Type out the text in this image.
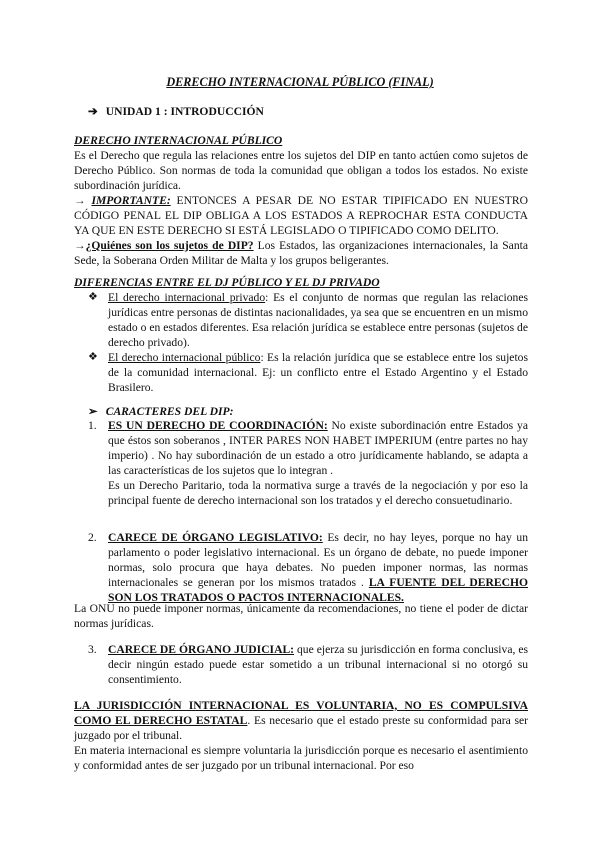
DERECHO INTERNACIONAL PÚBLICO (FINAL)
➔ UNIDAD 1 : INTRODUCCIÓN

DERECHO INTERNACIONAL PÚBLICO

Es el Derecho que regula las relaciones entre los sujetos del DIP en tanto actúen como sujetos de Derecho Público. Son normas de toda la comunidad que obligan a todos los estados. No existe subordinación jurídica.

→ IMPORTANTE: ENTONCES A PESAR DE NO ESTAR TIPIFICADO EN NUESTRO CÓDIGO PENAL EL DIP OBLIGA A LOS ESTADOS A REPROCHAR ESTA CONDUCTA YA QUE EN ESTE DERECHO SI ESTÁ LEGISLADO O TIPIFICADO COMO DELITO.

→¿Quiénes son los sujetos de DIP? Los Estados, las organizaciones internacionales, la Santa Sede, la Soberana Orden Militar de Malta y los grupos beligerantes.

DIFERENCIAS ENTRE EL DJ PÚBLICO Y EL DJ PRIVADO

❖ El derecho internacional privado: Es el conjunto de normas que regulan las relaciones jurídicas entre personas de distintas nacionalidades, ya sea que se encuentren en un mismo estado o en estados diferentes. Esa relación jurídica se establece entre personas (sujetos de derecho privado).
❖ El derecho internacional público: Es la relación jurídica que se establece entre los sujetos de la comunidad internacional. Ej: un conflicto entre el Estado Argentino y el Estado Brasilero.
➢ CARACTERES DEL DIP:
1. ES UN DERECHO DE COORDINACIÓN: No existe subordinación entre Estados ya que éstos son soberanos , INTER PARES NON HABET IMPERIUM (entre partes no hay imperio) . No hay subordinación de un estado a otro jurídicamente hablando, se adapta a las características de los sujetos que lo integran .

Es un Derecho Paritario, toda la normativa surge a través de la negociación y por eso la principal fuente de derecho internacional son los tratados y el derecho consuetudinario.

2. CARECE DE ÓRGANO LEGISLATIVO: Es decir, no hay leyes, porque no hay un parlamento o poder legislativo internacional. Es un órgano de debate, no puede imponer normas, solo procura que haya debates. No pueden imponer normas, las normas internacionales se generan por los mismos tratados . LA FUENTE DEL DERECHO SON LOS TRATADOS O PACTOS INTERNACIONALES.

La ONU no puede imponer normas, únicamente da recomendaciones, no tiene el poder de dictar normas jurídicas.
3. CARECE DE ÓRGANO JUDICIAL: que ejerza su jurisdicción en forma conclusiva, es decir ningún estado puede estar sometido a un tribunal internacional si no otorgó su consentimiento.

LA JURISDICCIÓN INTERNACIONAL ES VOLUNTARIA, NO ES COMPULSIVA COMO EL DERECHO ESTATAL. Es necesario que el estado preste su conformidad para ser juzgado por el tribunal.

En materia internacional es siempre voluntaria la jurisdicción porque es necesario el asentimiento y conformidad antes de ser juzgado por un tribunal internacional. Por eso
